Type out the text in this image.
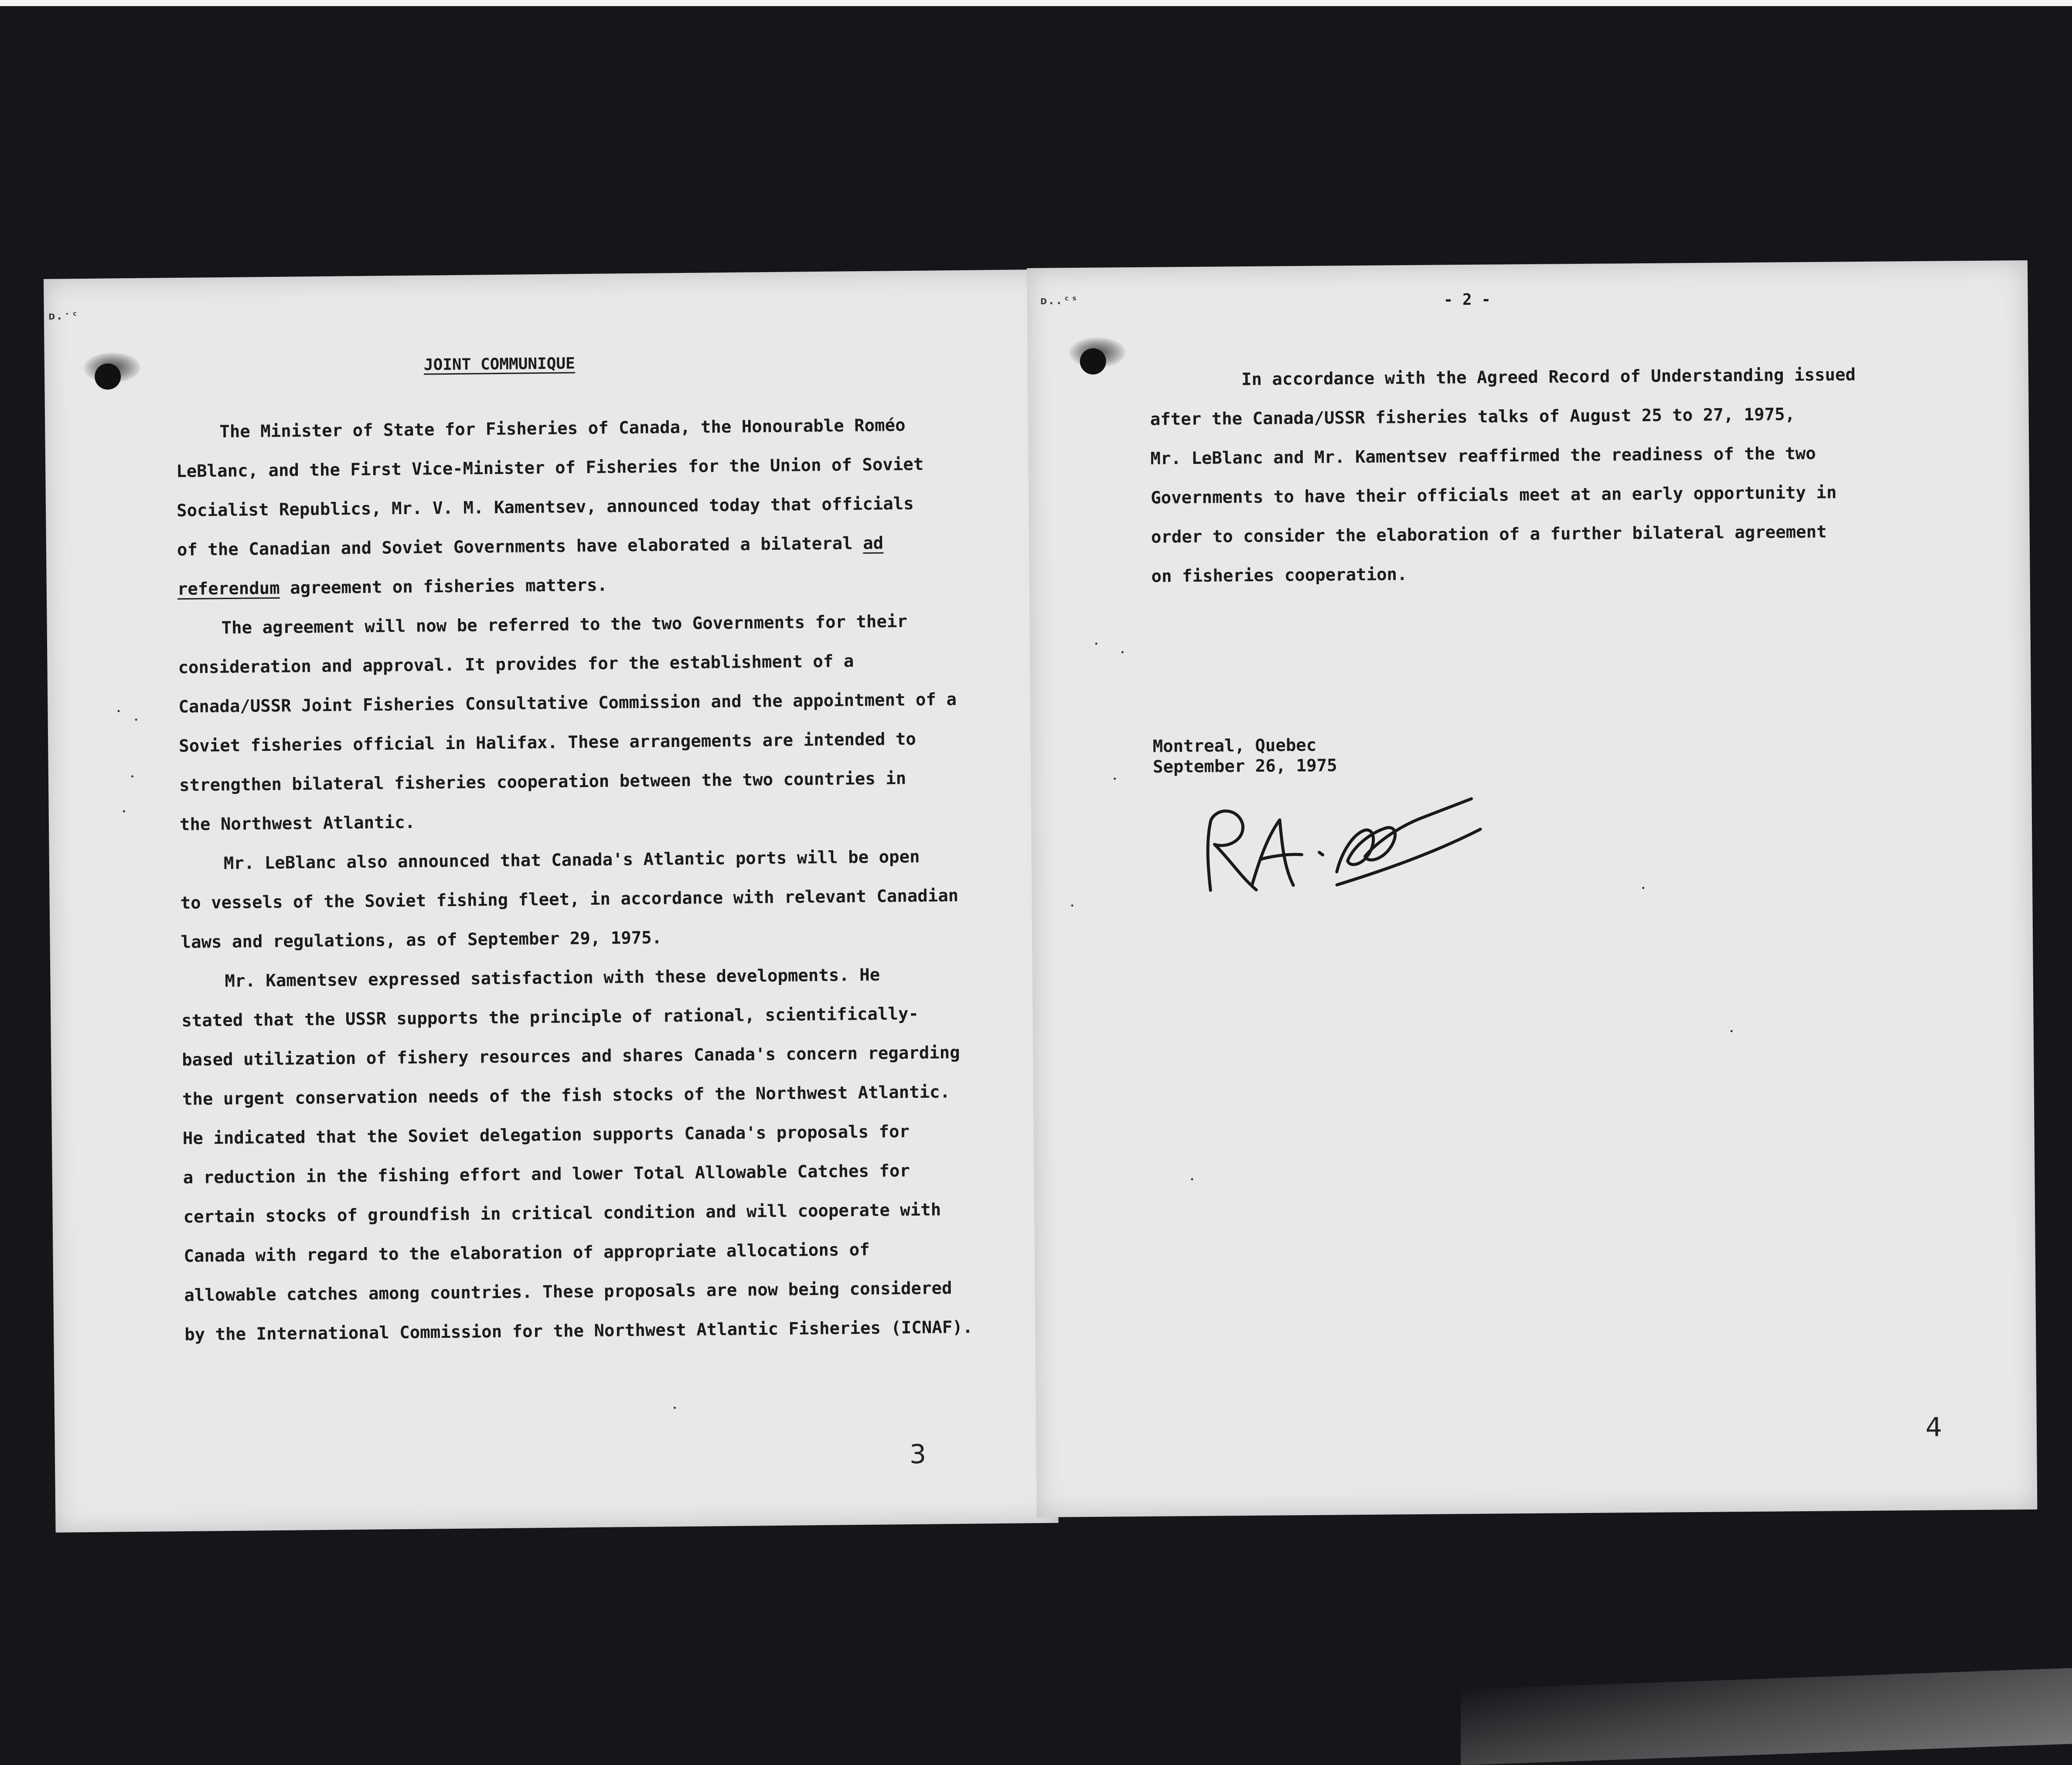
ᴅ.ˑᶜ
JOINT COMMUNIQUE
The Minister of State for Fisheries of Canada, the Honourable Roméo
LeBlanc, and the First Vice-Minister of Fisheries for the Union of Soviet
Socialist Republics, Mr. V. M. Kamentsev, announced today that officials
of the Canadian and Soviet Governments have elaborated a bilateral ad
referendum agreement on fisheries matters.
The agreement will now be referred to the two Governments for their
consideration and approval. It provides for the establishment of a
Canada/USSR Joint Fisheries Consultative Commission and the appointment of a
Soviet fisheries official in Halifax. These arrangements are intended to
strengthen bilateral fisheries cooperation between the two countries in
the Northwest Atlantic.
Mr. LeBlanc also announced that Canada's Atlantic ports will be open
to vessels of the Soviet fishing fleet, in accordance with relevant Canadian
laws and regulations, as of September 29, 1975.
Mr. Kamentsev expressed satisfaction with these developments. He
stated that the USSR supports the principle of rational, scientifically-
based utilization of fishery resources and shares Canada's concern regarding
the urgent conservation needs of the fish stocks of the Northwest Atlantic.
He indicated that the Soviet delegation supports Canada's proposals for
a reduction in the fishing effort and lower Total Allowable Catches for
certain stocks of groundfish in critical condition and will cooperate with
Canada with regard to the elaboration of appropriate allocations of
allowable catches among countries. These proposals are now being considered
by the International Commission for the Northwest Atlantic Fisheries (ICNAF).
3
ᴅ..ᶜˢ	- 2 -
In accordance with the Agreed Record of Understanding issued
after the Canada/USSR fisheries talks of August 25 to 27, 1975,
Mr. LeBlanc and Mr. Kamentsev reaffirmed the readiness of the two
Governments to have their officials meet at an early opportunity in
order to consider the elaboration of a further bilateral agreement
on fisheries cooperation.
Montreal, Quebec
September 26, 1975
4
